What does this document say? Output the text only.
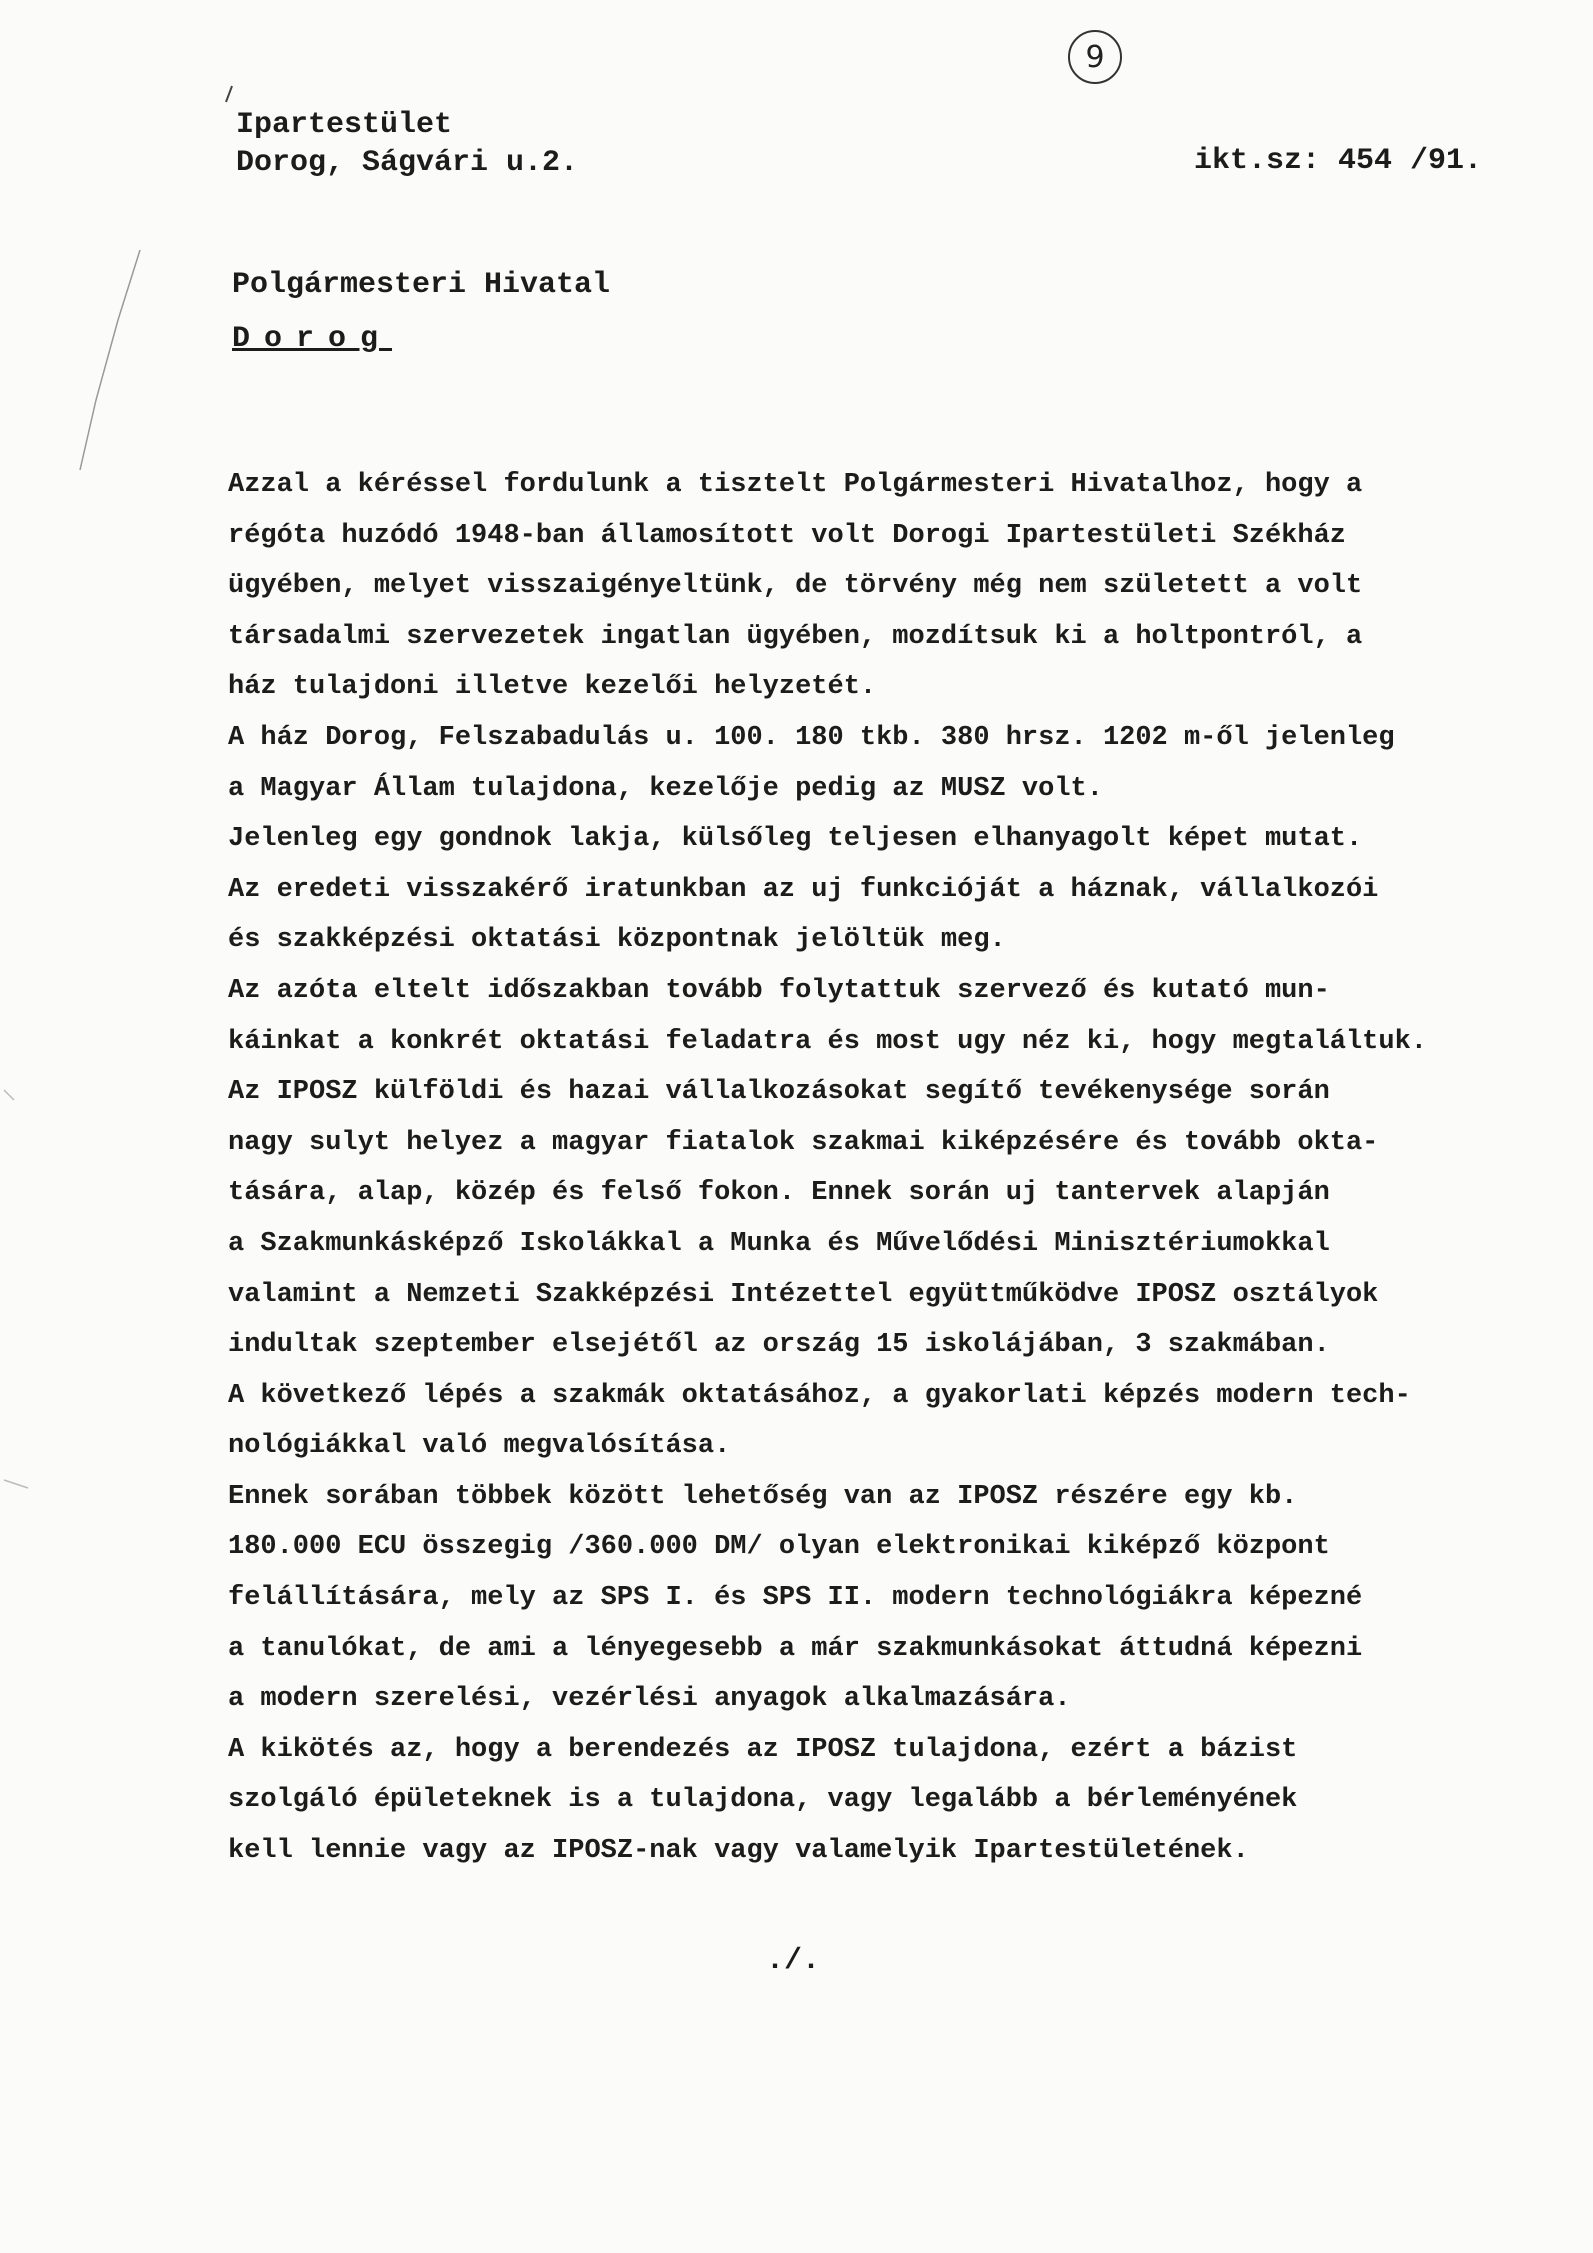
9
Ipartestület
Dorog, Ságvári u.2.	ikt.sz: 454 /91.
Polgármesteri Hivatal
Dorog
Azzal a kéréssel fordulunk a tisztelt Polgármesteri Hivatalhoz, hogy a
régóta huzódó 1948-ban államosított volt Dorogi Ipartestületi Székház
ügyében, melyet visszaigényeltünk, de törvény még nem született a volt
társadalmi szervezetek ingatlan ügyében, mozdítsuk ki a holtpontról, a
ház tulajdoni illetve kezelői helyzetét.
A ház Dorog, Felszabadulás u. 100. 180 tkb. 380 hrsz. 1202 m-ől jelenleg
a Magyar Állam tulajdona, kezelője pedig az MUSZ volt.
Jelenleg egy gondnok lakja, külsőleg teljesen elhanyagolt képet mutat.
Az eredeti visszakérő iratunkban az uj funkcióját a háznak, vállalkozói
és szakképzési oktatási központnak jelöltük meg.
Az azóta eltelt időszakban tovább folytattuk szervező és kutató mun-
káinkat a konkrét oktatási feladatra és most ugy néz ki, hogy megtaláltuk.
Az IPOSZ külföldi és hazai vállalkozásokat segítő tevékenysége során
nagy sulyt helyez a magyar fiatalok szakmai kiképzésére és tovább okta-
tására, alap, közép és felső fokon. Ennek során uj tantervek alapján
a Szakmunkásképző Iskolákkal a Munka és Művelődési Minisztériumokkal
valamint a Nemzeti Szakképzési Intézettel együttműködve IPOSZ osztályok
indultak szeptember elsejétől az ország 15 iskolájában, 3 szakmában.
A következő lépés a szakmák oktatásához, a gyakorlati képzés modern tech-
nológiákkal való megvalósítása.
Ennek sorában többek között lehetőség van az IPOSZ részére egy kb.
180.000 ECU összegig /360.000 DM/ olyan elektronikai kiképző központ
felállítására, mely az SPS I. és SPS II. modern technológiákra képezné
a tanulókat, de ami a lényegesebb a már szakmunkásokat áttudná képezni
a modern szerelési, vezérlési anyagok alkalmazására.
A kikötés az, hogy a berendezés az IPOSZ tulajdona, ezért a bázist
szolgáló épületeknek is a tulajdona, vagy legalább a bérleményének
kell lennie vagy az IPOSZ-nak vagy valamelyik Ipartestületének.
./.
